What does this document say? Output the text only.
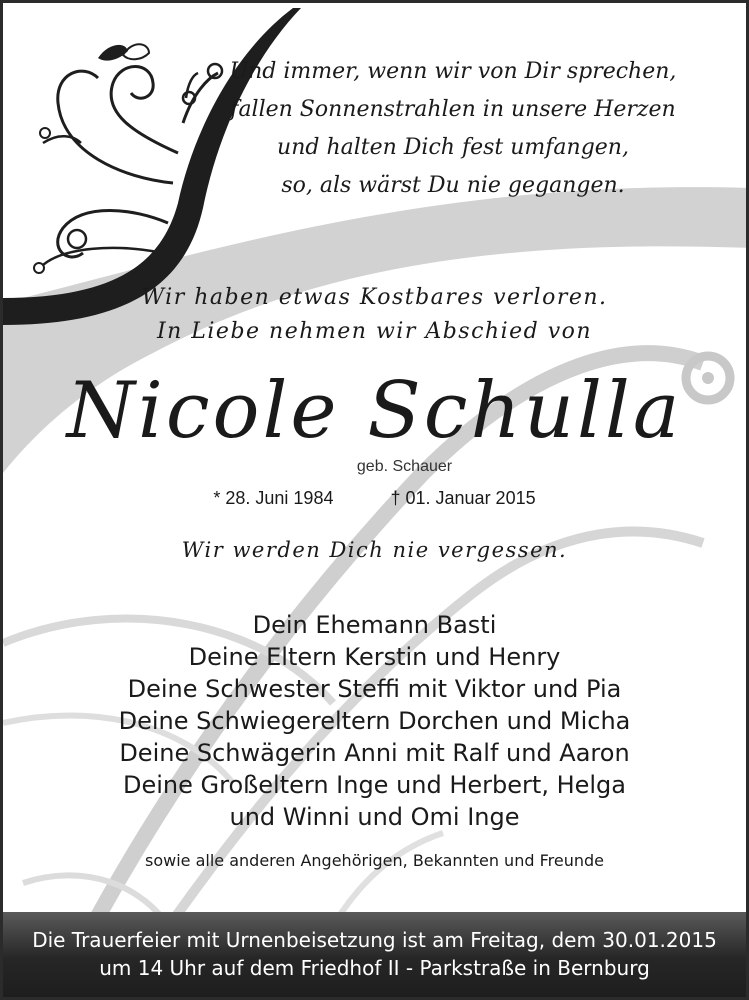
Und immer, wenn wir von Dir sprechen,
fallen Sonnenstrahlen in unsere Herzen
und halten Dich fest umfangen,
so, als wärst Du nie gegangen.
Wir haben etwas Kostbares verloren.
In Liebe nehmen wir Abschied von
Nicole Schulla
geb. Schauer
* 28. Juni 1984	† 01. Januar 2015
Wir werden Dich nie vergessen.
Dein Ehemann Basti
Deine Eltern Kerstin und Henry
Deine Schwester Steffi mit Viktor und Pia
Deine Schwiegereltern Dorchen und Micha
Deine Schwägerin Anni mit Ralf und Aaron
Deine Großeltern Inge und Herbert, Helga
und Winni und Omi Inge
sowie alle anderen Angehörigen, Bekannten und Freunde
Die Trauerfeier mit Urnenbeisetzung ist am Freitag, dem 30.01.2015
um 14 Uhr auf dem Friedhof II - Parkstraße in Bernburg
